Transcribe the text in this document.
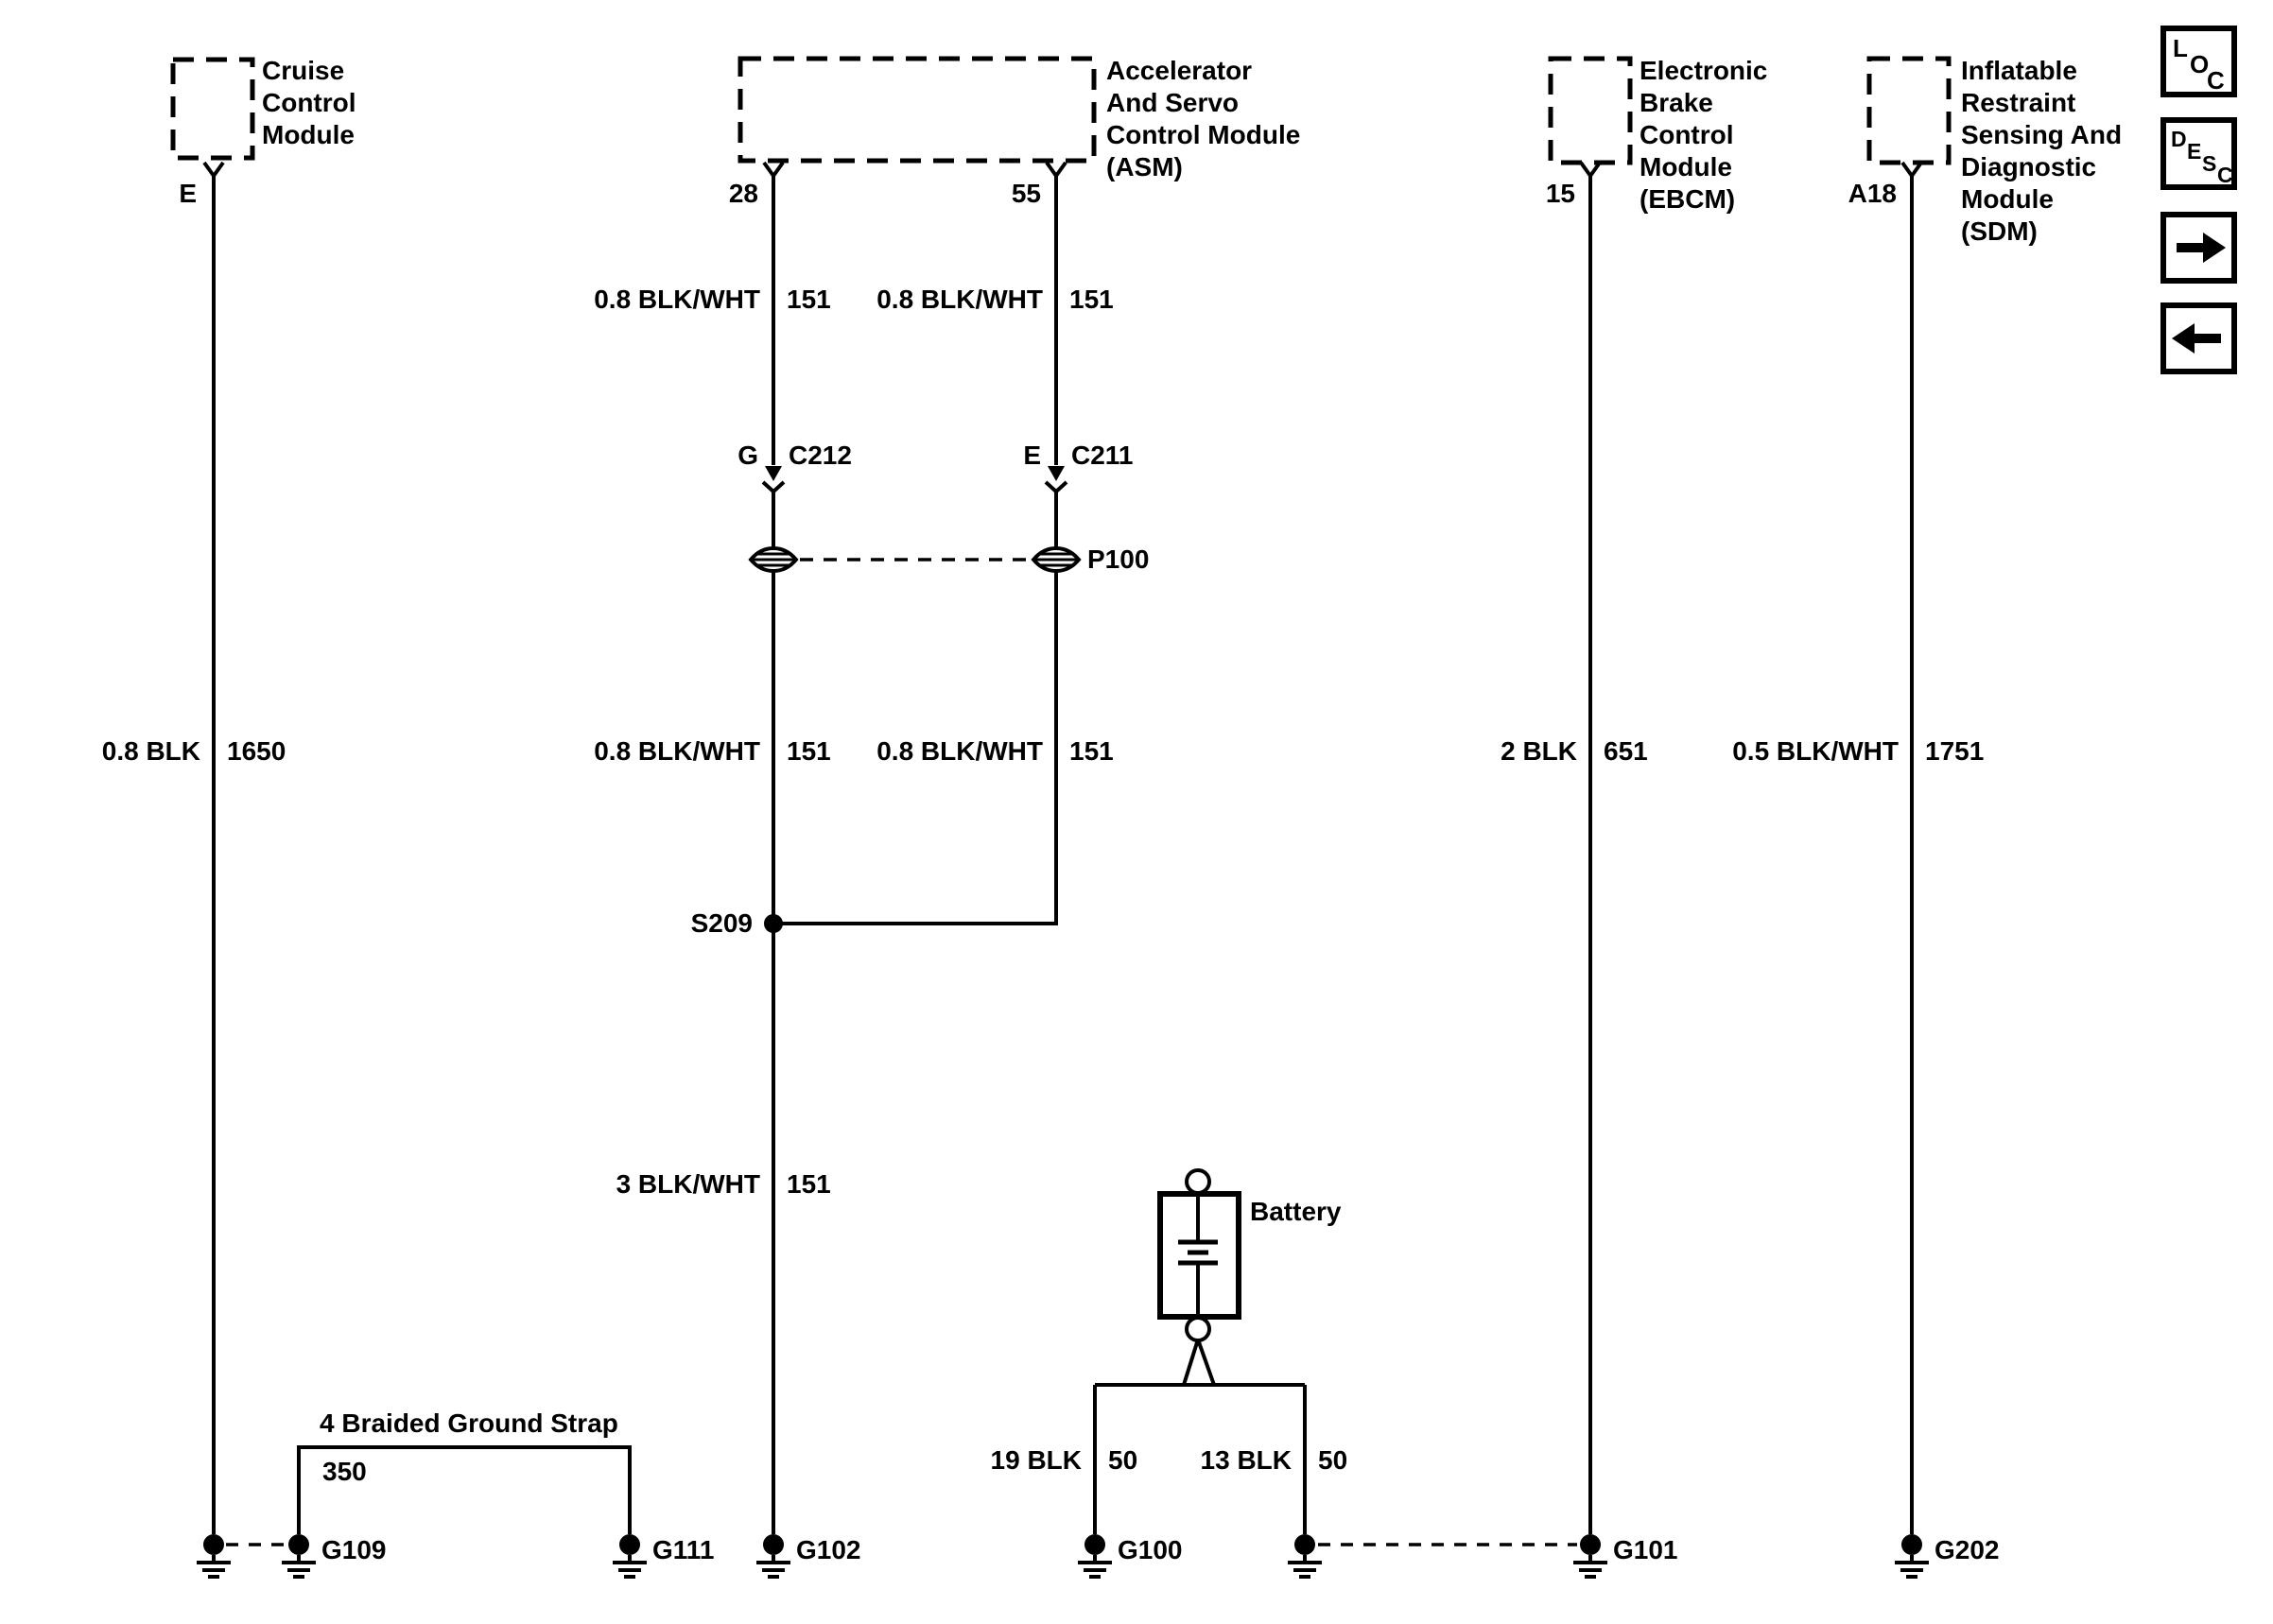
Cruise
Control
Module
Accelerator
And Servo
Control Module
(ASM)
Electronic
Brake
Control
Module
(EBCM)
Inflatable
Restraint
Sensing And
Diagnostic
Module
(SDM)
E	28	55	15	A18
0.8 BLK/WHT 151 0.8 BLK/WHT 151
G C212	E C211
P100
0.8 BLK 1650	0.8 BLK/WHT 151 0.8 BLK/WHT 151	2 BLK 651	0.5 BLK/WHT 1751
S209
3 BLK/WHT 151
Battery
19 BLK 50 13 BLK 50
4 Braided Ground Strap
350
G109	G111	G102	G100	G101	G202
L
O
C
D E S C
